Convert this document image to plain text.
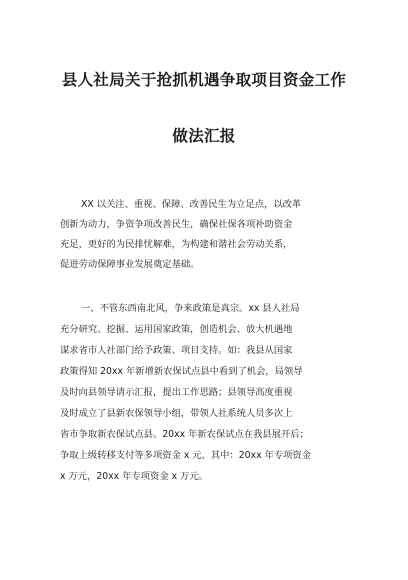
县人社局关于抢抓机遇争取项目资金工作
做法汇报
XX 以关注、重视、保障、改善民生为立足点，以改革
创新为动力，争资争项改善民生，确保社保各项补助资金
充足，更好的为民排忧解难，为构建和谐社会劳动关系，
促进劳动保障事业发展奠定基础。
一、不管东西南北风，争来政策是真宗。xx 县人社局
充分研究、挖掘、运用国家政策，创造机会、放大机遇地
谋求省市人社部门给予政策、项目支持。如：我县从国家
政策得知 20xx 年新增新农保试点县中看到了机会，局领导
及时向县领导请示汇报，提出工作思路；县领导高度重视
及时成立了县新农保领导小组，带领人社系统人员多次上
省市争取新农保试点县。20xx 年新农保试点在我县展开后；
争取上级转移支付等多项资金 x 元，其中：20xx 年专项资金
x 万元，20xx 年专项资金 x 万元。
